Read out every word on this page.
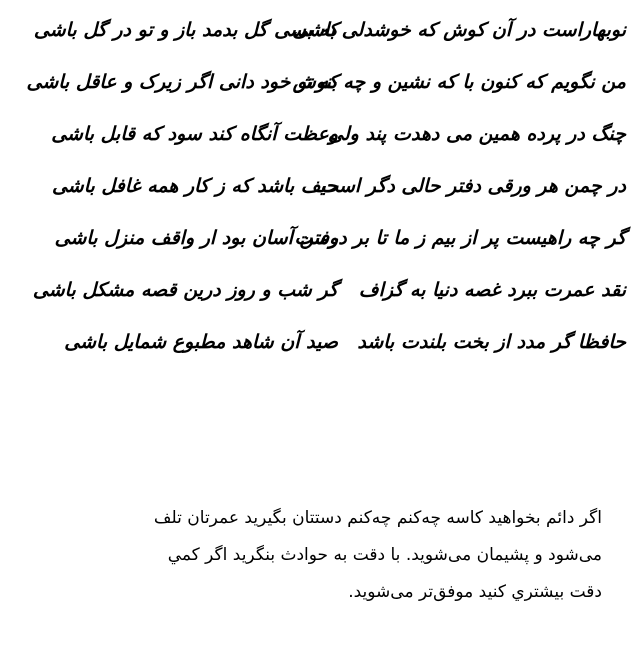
نوبهاراست در آن کوش که خوشدلی باشی
که بسی گل بدمد باز و تو در گل باشی
من نگویم که کنون با که نشین و چه بنوش
که تو خود دانی اگر زیرک و عاقل باشی
چنگ در پرده همین می دهدت پند ولی
وعظت آنگاه کند سود که قابل باشی
در چمن هر ورقی دفتر حالی دگر است
حیف باشد که ز کار همه غافل باشی
گر چه راهیست پر از بیم ز ما تا بر دوست
رفتن آسان بود ار واقف منزل باشی
نقد عمرت ببرد غصه دنیا به گزاف
گر شب و روز درین قصه مشکل باشی
حافظا گر مدد از بخت بلندت باشد
صید آن شاهد مطبوع شمایل باشی
اگر دائم بخواهید کاسه چه‌کنم چه‌کنم دستتان بگیرید عمرتان تلف
می‌شود و پشیمان می‌شوید. با دقت به حوادث بنگرید اگر کمي
دقت بیشتري کنید موفق‌تر می‌شوید.
